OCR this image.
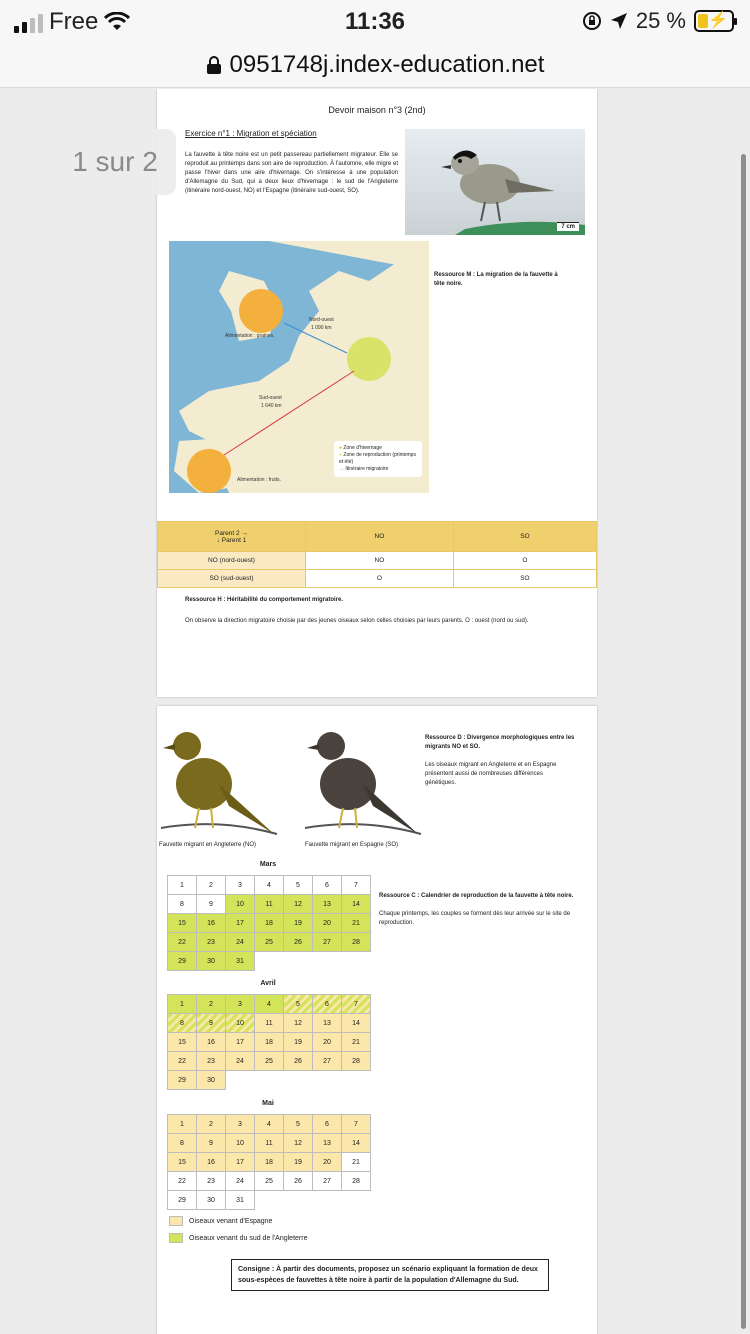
Free	11:36	25 % ⚡
0951748j.index-education.net
Devoir maison n°3 (2nd)
Exercice n°1 : Migration et spéciation
La fauvette à tête noire est un petit passereau partiellement migrateur. Elle se reproduit au printemps dans son aire de reproduction. À l'automne, elle migre et passe l'hiver dans une aire d'hivernage. On s'intéresse à une population d'Allemagne du Sud, qui a deux lieux d'hivernage : le sud de l'Angleterre (itinéraire nord-ouest, NO) et l'Espagne (itinéraire sud-ouest, SO).
7 cm
Nord-ouest
1 090 km
Sud-ouest
1 640 km
Alimentation : graines.
Alimentation : fruits.
● Zone d'hivernage
● Zone de reproduction (printemps et été)
→ Itinéraire migratoire
Ressource M : La migration de la fauvette à tête noire.
Parent 2 →
↓ Parent 1	NO	SO
NO (nord-ouest)	NO	O
SO (sud-ouest)	O	SO
Ressource H : Héritabilité du comportement migratoire.
On observe la direction migratoire choisie par des jeunes oiseaux selon celles choisies par leurs parents. O : ouest (nord ou sud).
Fauvette migrant en Angleterre (NO)	Fauvette migrant en Espagne (SO)
Ressource D : Divergence morphologiques entre les migrants NO et SO.

Les oiseaux migrant en Angleterre et en Espagne présentent aussi de nombreuses différences génétiques.
Mars
1	2	3	4	5	6	7
8	9	10	11	12	13	14
15	16	17	18	19	20	21
22	23	24	25	26	27	28
29	30	31				
Ressource C : Calendrier de reproduction de la fauvette à tête noire.

Chaque printemps, les couples se forment dès leur arrivée sur le site de reproduction.
Avril
1	2	3	4	5	6	7
8	9	10	11	12	13	14
15	16	17	18	19	20	21
22	23	24	25	26	27	28
29	30					
Mai
1	2	3	4	5	6	7
8	9	10	11	12	13	14
15	16	17	18	19	20	21
22	23	24	25	26	27	28
29	30	31				
Oiseaux venant d'Espagne
Oiseaux venant du sud de l'Angleterre
Consigne : À partir des documents, proposez un scénario expliquant la formation de deux sous-espèces de fauvettes à tête noire à partir de la population d'Allemagne du Sud.
1 sur 2
